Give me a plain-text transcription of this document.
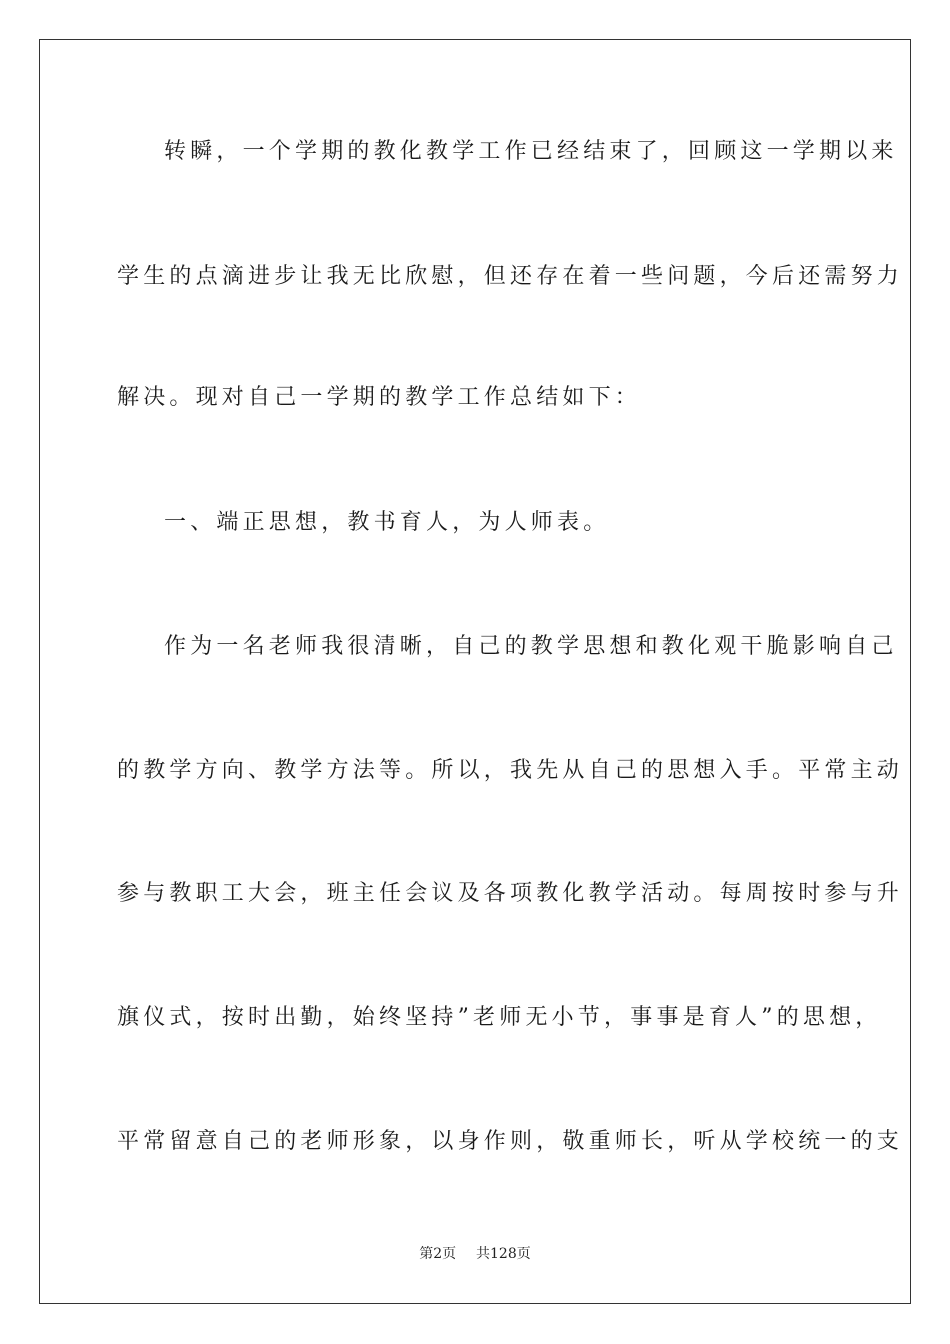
转瞬，一个学期的教化教学工作已经结束了，回顾这一学期以来
学生的点滴进步让我无比欣慰，但还存在着一些问题，今后还需努力
解决。现对自己一学期的教学工作总结如下：
一、端正思想，教书育人，为人师表。
作为一名老师我很清晰，自己的教学思想和教化观干脆影响自己
的教学方向、教学方法等。所以，我先从自己的思想入手。平常主动
参与教职工大会，班主任会议及各项教化教学活动。每周按时参与升
旗仪式，按时出勤，始终坚持”老师无小节，事事是育人”的思想，
平常留意自己的老师形象，以身作则，敬重师长，听从学校统一的支
第2页 共128页
